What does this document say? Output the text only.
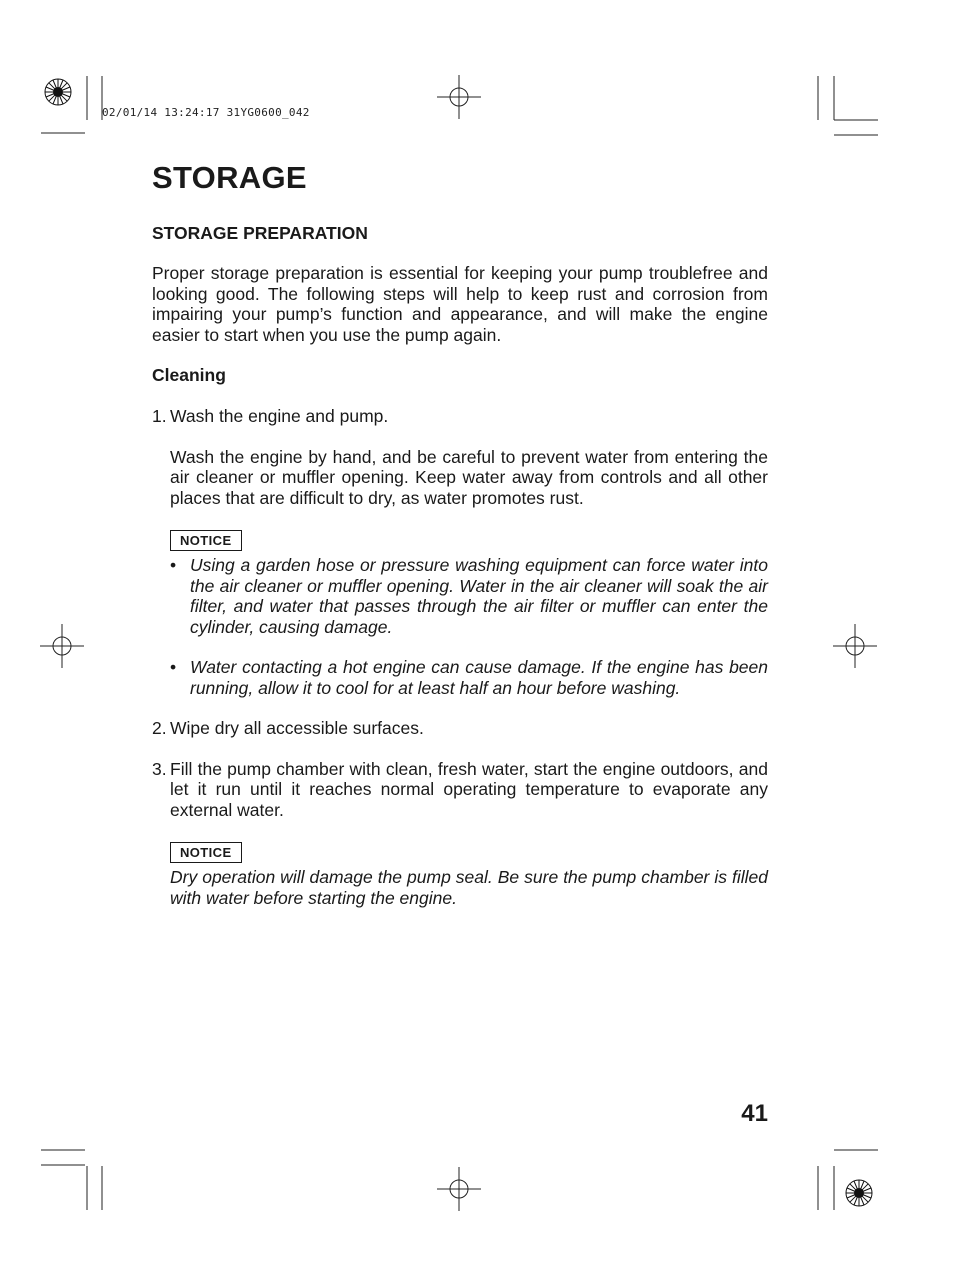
02/01/14 13:24:17 31YG0600_042
STORAGE
STORAGE PREPARATION

Proper storage preparation is essential for keeping your pump troublefree and looking good. The following steps will help to keep rust and corrosion from impairing your pump’s function and appearance, and will make the engine easier to start when you use the pump again.

Cleaning
1. Wash the engine and pump.

Wash the engine by hand, and be careful to prevent water from entering the air cleaner or muffler opening. Keep water away from controls and all other places that are difficult to dry, as water promotes rust.

NOTICE
• Using a garden hose or pressure washing equipment can force water into the air cleaner or muffler opening. Water in the air cleaner will soak the air filter, and water that passes through the air filter or muffler can enter the cylinder, causing damage.
• Water contacting a hot engine can cause damage. If the engine has been running, allow it to cool for at least half an hour before washing.
2. Wipe dry all accessible surfaces.
3. Fill the pump chamber with clean, fresh water, start the engine outdoors, and let it run until it reaches normal operating temperature to evaporate any external water.
NOTICE

Dry operation will damage the pump seal. Be sure the pump chamber is filled with water before starting the engine.

41
